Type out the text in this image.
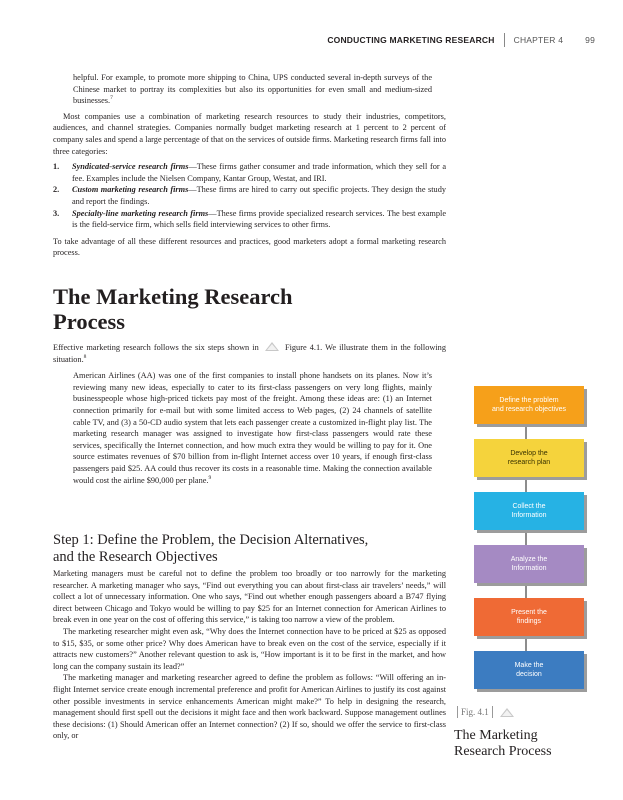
CONDUCTING MARKETING RESEARCH CHAPTER 4	99

helpful. For example, to promote more shipping to China, UPS conducted several in-depth surveys of the Chinese market to portray its complexities but also its opportunities for even small and medium-sized businesses.$^7$

Most companies use a combination of marketing research resources to study their industries, competitors, audiences, and channel strategies. Companies normally budget marketing research at 1 percent to 2 percent of company sales and spend a large percentage of that on the services of outside firms. Marketing research firms fall into three categories:

1. Syndicated-service research firms—These firms gather consumer and trade information, which they sell for a fee. Examples include the Nielsen Company, Kantar Group, Westat, and IRI.
2. Custom marketing research firms—These firms are hired to carry out specific projects. They design the study and report the findings.
3. Specialty-line marketing research firms—These firms provide specialized research services. The best example is the field-service firm, which sells field interviewing services to other firms.

To take advantage of all these different resources and practices, good marketers adopt a formal marketing research process.

The Marketing Research
Process

Effective marketing research follows the six steps shown in	Figure 4.1. We illustrate them in the following situation.$^8$

American Airlines (AA) was one of the first companies to install phone handsets on its planes. Now it’s reviewing many new ideas, especially to cater to its first-class passengers on very long flights, mainly businesspeople whose high-priced tickets pay most of the freight. Among these ideas are: (1) an Internet connection primarily for e-mail but with some limited access to Web pages, (2) 24 channels of satellite cable TV, and (3) a 50-CD audio system that lets each passenger create a customized in-flight play list. The marketing research manager was assigned to investigate how first-class passengers would rate these services, specifically the Internet connection, and how much extra they would be willing to pay for it. One source estimates revenues of $70 billion from in-flight Internet access over 10 years, if enough first-class passengers paid $25. AA could thus recover its costs in a reasonable time. Making the connection available would cost the airline $90,000 per plane.$^9$

Step 1: Define the Problem, the Decision Alternatives,
and the Research Objectives

Marketing managers must be careful not to define the problem too broadly or too narrowly for the marketing researcher. A marketing manager who says, “Find out everything you can about first-class air travelers’ needs,” will collect a lot of unnecessary information. One who says, “Find out whether enough passengers aboard a B747 flying direct between Chicago and Tokyo would be willing to pay $25 for an Internet connection for American Airlines to break even in one year on the cost of offering this service,” is taking too narrow a view of the problem.

The marketing researcher might even ask, “Why does the Internet connection have to be priced at $25 as opposed to $15, $35, or some other price? Why does American have to break even on the cost of the service, especially if it attracts new customers?” Another relevant question to ask is, “How important is it to be first in the market, and how long can the company sustain its lead?”

The marketing manager and marketing researcher agreed to define the problem as follows: “Will offering an in-flight Internet service create enough incremental preference and profit for American Airlines to justify its cost against other possible investments in service enhancements American might make?” To help in designing the research, management should first spell out the decisions it might face and then work backward. Suppose management outlines these decisions: (1) Should American offer an Internet connection? (2) If so, should we offer the service to first-class only, or

Define the problem
and research objectives
Develop the
research plan
Collect the
Information
Analyze the
Information
Present the
findings
Make the
decision
Fig. 4.1
The Marketing
Research Process
